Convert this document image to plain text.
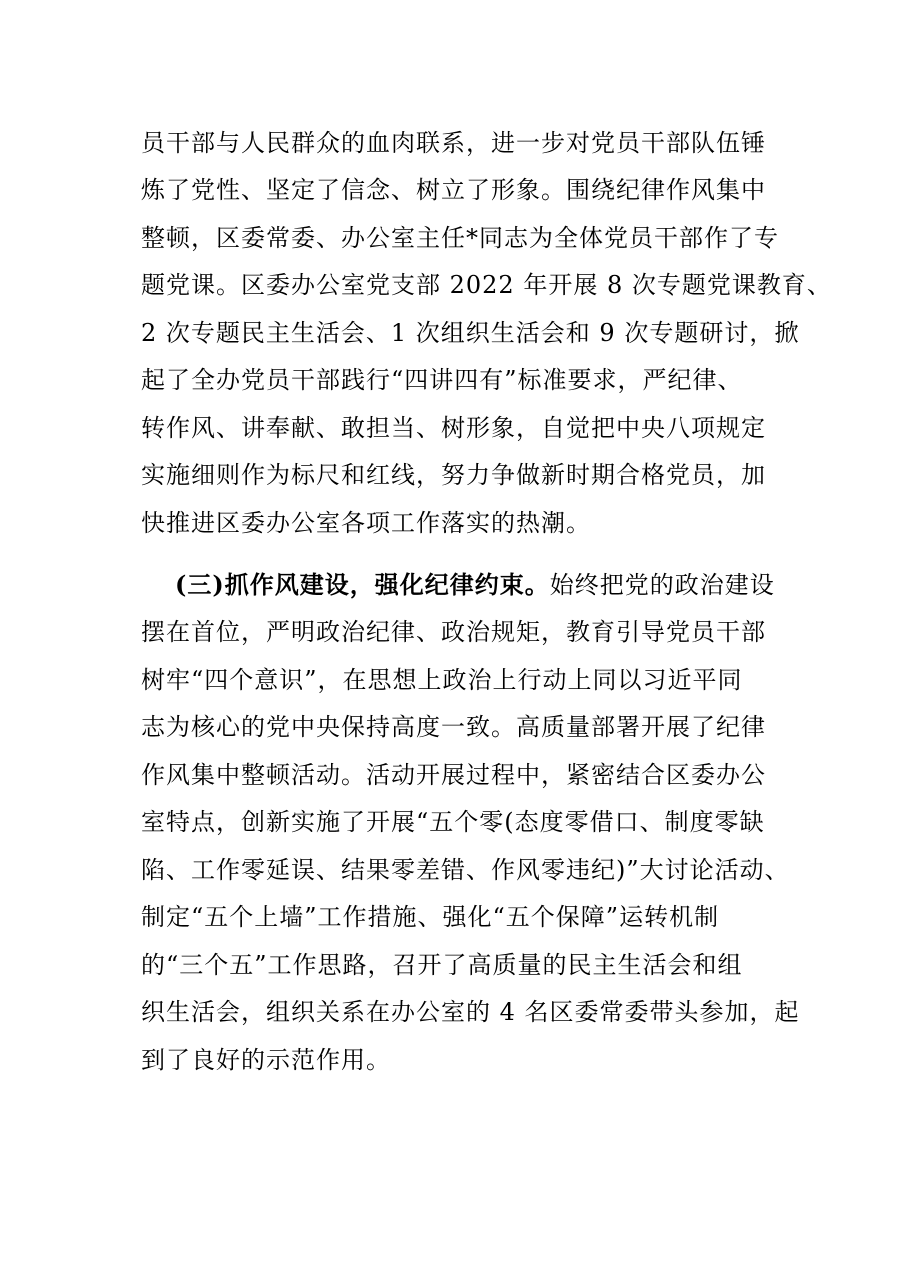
员干部与人民群众的血肉联系，进一步对党员干部队伍锤
炼了党性、坚定了信念、树立了形象。围绕纪律作风集中
整顿，区委常委、办公室主任*同志为全体党员干部作了专
题党课。区委办公室党支部 2022 年开展 8 次专题党课教育、
2 次专题民主生活会、1 次组织生活会和 9 次专题研讨，掀
起了全办党员干部践行“四讲四有”标准要求，严纪律、
转作风、讲奉献、敢担当、树形象，自觉把中央八项规定
实施细则作为标尺和红线，努力争做新时期合格党员，加
快推进区委办公室各项工作落实的热潮。
(三)抓作风建设，强化纪律约束。始终把党的政治建设
摆在首位，严明政治纪律、政治规矩，教育引导党员干部
树牢“四个意识”，在思想上政治上行动上同以习近平同
志为核心的党中央保持高度一致。高质量部署开展了纪律
作风集中整顿活动。活动开展过程中，紧密结合区委办公
室特点，创新实施了开展“五个零(态度零借口、制度零缺
陷、工作零延误、结果零差错、作风零违纪)”大讨论活动、
制定“五个上墙”工作措施、强化“五个保障”运转机制
的“三个五”工作思路，召开了高质量的民主生活会和组
织生活会，组织关系在办公室的 4 名区委常委带头参加，起
到了良好的示范作用。
